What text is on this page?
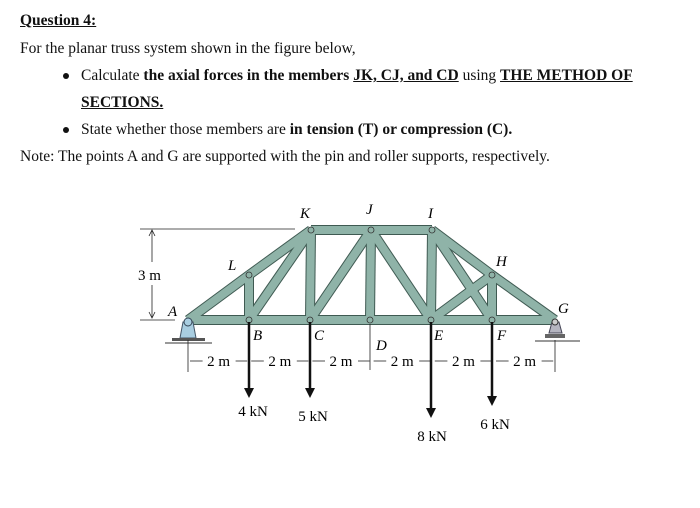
Question 4:
For the planar truss system shown in the figure below,
Calculate the axial forces in the members JK, CJ, and CD using THE METHOD OF
SECTIONS.
State whether those members are in tension (T) or compression (C).
Note: The points A and G are supported with the pin and roller supports, respectively.
2 m	2 m	2 m	2 m	2 m	2 m
3 m
4 kN 5 kN
8 kN
6 kN
A
B	C
D
E	F
G
H
I
J
K
L
